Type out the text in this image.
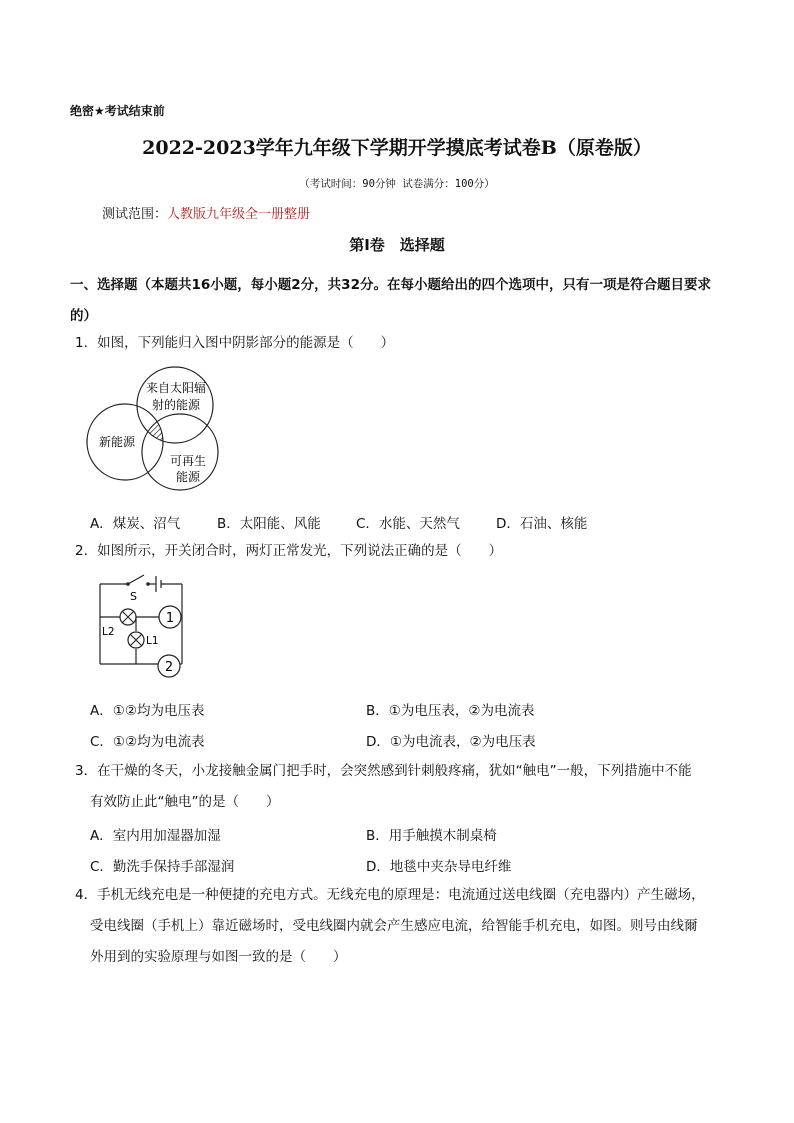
绝密★考试结束前
2022-2023学年九年级下学期开学摸底考试卷B（原卷版）
（考试时间：90分钟 试卷满分：100分）
测试范围：人教版九年级全一册整册
第Ⅰ卷　选择题
一、选择题（本题共16小题，每小题2分，共32分。在每小题给出的四个选项中，只有一项是符合题目要求的）
1．如图，下列能归入图中阴影部分的能源是（　　）
来自太阳辐
射的能源
新能源
可再生
能源
A．煤炭、沼气	B．太阳能、风能	C．水能、天然气	D．石油、核能
2．如图所示，开关闭合时，两灯正常发光，下列说法正确的是（　　）
S
L2
1
L1
2
A．①②均为电压表	B．①为电压表，②为电流表
C．①②均为电流表	D．①为电流表，②为电压表
3．在干燥的冬天，小龙接触金属门把手时，会突然感到针刺般疼痛，犹如“触电”一般，下列措施中不能
有效防止此“触电”的是（　　）
A．室内用加湿器加湿	B．用手触摸木制桌椅
C．勤洗手保持手部湿润	D．地毯中夹杂导电纤维
4．手机无线充电是一种便捷的充电方式。无线充电的原理是：电流通过送电线圈（充电器内）产生磁场，
受电线圈（手机上）靠近磁场时，受电线圈内就会产生感应电流，给智能手机充电，如图。则号由线爾
外用到的实验原理与如图一致的是（　　）
